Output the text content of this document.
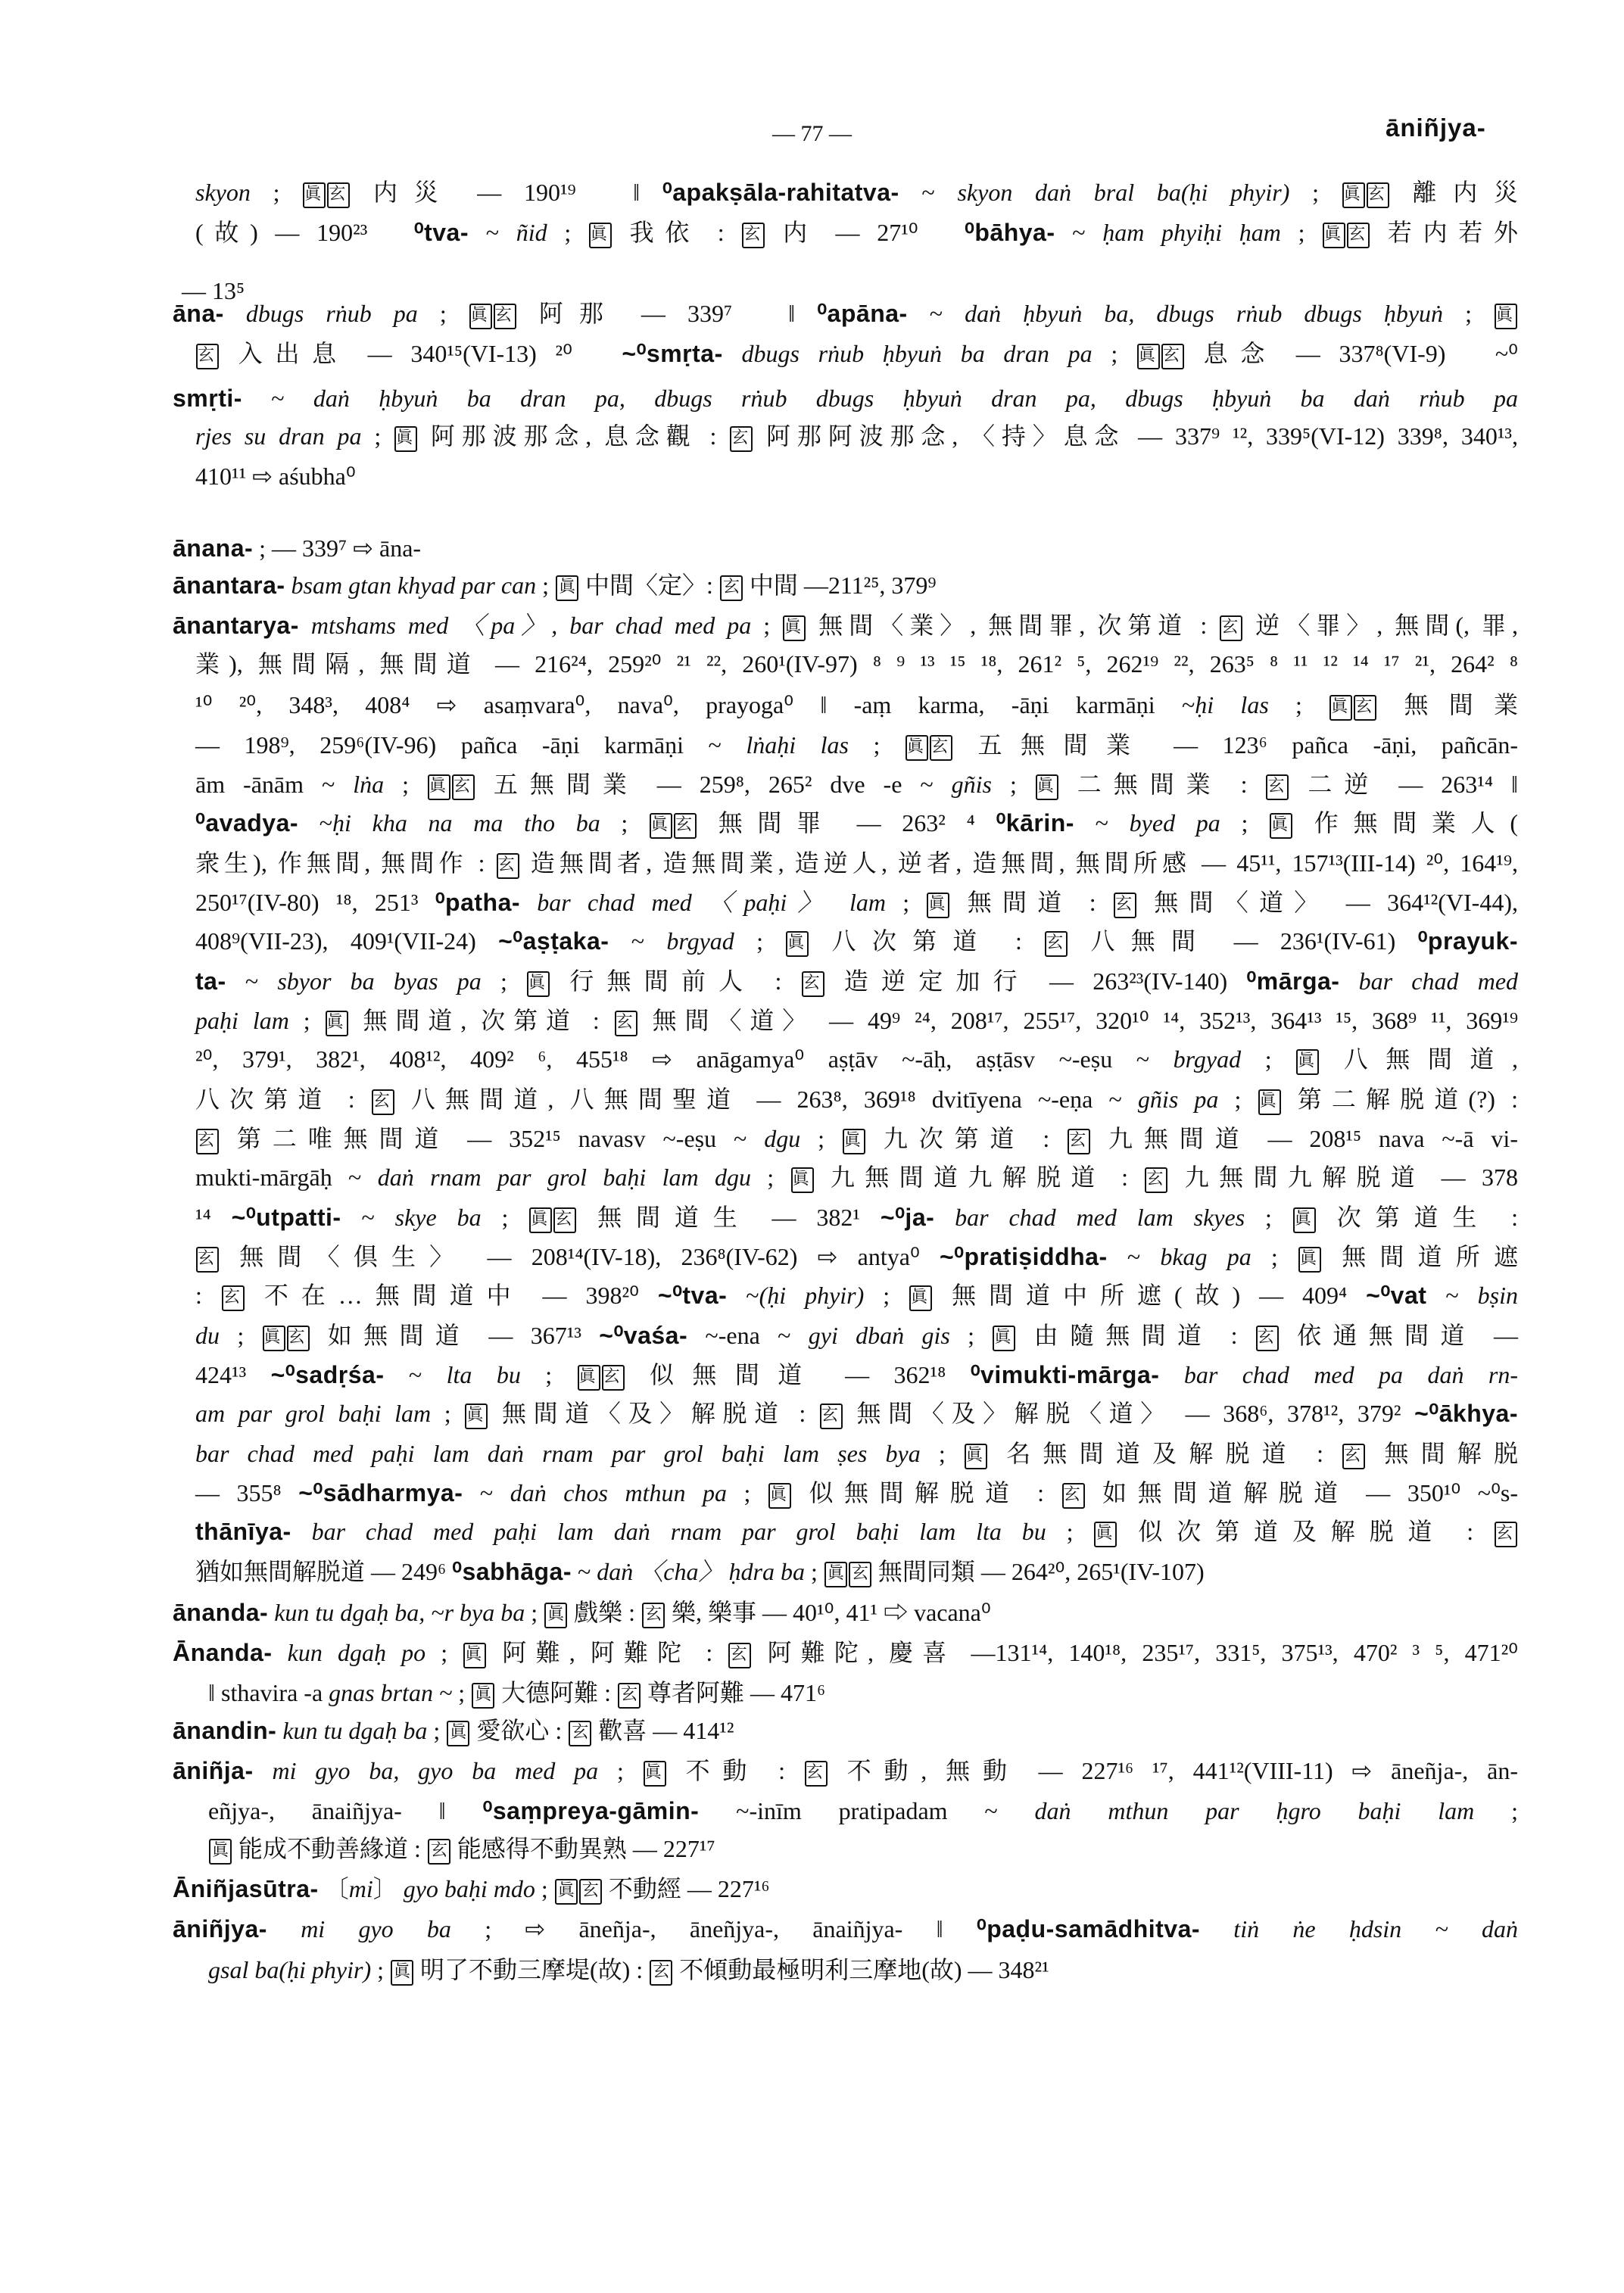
— 77 —	āniñjya-
skyon ; 眞 玄 内災 — 190¹⁹　‖ ⁰apakṣāla-rahitatva- ~ skyon daṅ bral ba(ḥi phyir) ; 眞 玄 離内災
(故) — 190²³　⁰tva- ~ ñid ; 眞 我依 : 玄 内 — 27¹⁰　⁰bāhya- ~ ḥam phyiḥi ḥam ; 眞 玄 若内若外
— 13⁵
āna- dbugs rṅub pa ; 眞 玄 阿那 — 339⁷　‖ ⁰apāna- ~ daṅ ḥbyuṅ ba, dbugs rṅub dbugs ḥbyuṅ ; 眞
玄 入出息 — 340¹⁵(VI-13) ²⁰　~⁰smṛta- dbugs rṅub ḥbyuṅ ba dran pa ; 眞 玄 息念 — 337⁸(VI-9)　~⁰
smṛti- ~ daṅ ḥbyuṅ ba dran pa, dbugs rṅub dbugs ḥbyuṅ dran pa, dbugs ḥbyuṅ ba daṅ rṅub pa
rjes su dran pa ; 眞 阿那波那念, 息念觀 : 玄 阿那阿波那念, 〈持〉息念 — 337⁹ ¹², 339⁵(VI-12) 339⁸, 340¹³,
410¹¹ ⇨ aśubha⁰
ānana- ; — 339⁷ ⇨ āna-
ānantara- bsam gtan khyad par can ; 眞 中間〈定〉: 玄 中間 —211²⁵, 379⁹
ānantarya- mtshams med 〈pa〉, bar chad med pa ; 眞 無間〈業〉, 無間罪, 次第道 : 玄 逆〈罪〉, 無間(, 罪,
業), 無間隔, 無間道 — 216²⁴, 259²⁰ ²¹ ²², 260¹(IV-97) ⁸ ⁹ ¹³ ¹⁵ ¹⁸, 261² ⁵, 262¹⁹ ²², 263⁵ ⁸ ¹¹ ¹² ¹⁴ ¹⁷ ²¹, 264² ⁸
¹⁰ ²⁰, 348³, 408⁴ ⇨ asaṃvara⁰, nava⁰, prayoga⁰ ‖ -aṃ karma, -āṇi karmāṇi ~ḥi las ; 眞 玄 無間業
— 198⁹, 259⁶(IV-96) pañca -āṇi karmāṇi ~ lṅaḥi las ; 眞 玄 五無間業 — 123⁶ pañca -āṇi, pañcān-
ām -ānām ~ lṅa ; 眞 玄 五無間業 — 259⁸, 265² dve -e ~ gñis ; 眞 二無間業 : 玄 二逆 — 263¹⁴ ‖
⁰avadya- ~ḥi kha na ma tho ba ; 眞 玄 無間罪 — 263² ⁴ ⁰kārin- ~ byed pa ; 眞 作無間業人(
衆生), 作無間, 無間作 : 玄 造無間者, 造無間業, 造逆人, 逆者, 造無間, 無間所感 — 45¹¹, 157¹³(III-14) ²⁰, 164¹⁹,
250¹⁷(IV-80) ¹⁸, 251³ ⁰patha- bar chad med 〈paḥi〉 lam ; 眞 無間道 : 玄 無間〈道〉 — 364¹²(VI-44),
408⁹(VII-23), 409¹(VII-24) ~⁰aṣṭaka- ~ brgyad ; 眞 八次第道 : 玄 八無間 — 236¹(IV-61) ⁰prayuk-
ta- ~ sbyor ba byas pa ; 眞 行無間前人 : 玄 造逆定加行 — 263²³(IV-140) ⁰mārga- bar chad med
paḥi lam ; 眞 無間道, 次第道 : 玄 無間〈道〉 — 49⁹ ²⁴, 208¹⁷, 255¹⁷, 320¹⁰ ¹⁴, 352¹³, 364¹³ ¹⁵, 368⁹ ¹¹, 369¹⁹
²⁰, 379¹, 382¹, 408¹², 409² ⁶, 455¹⁸ ⇨ anāgamya⁰ aṣṭāv ~-āḥ, aṣṭāsv ~-eṣu ~ brgyad ; 眞 八無間道,
八次第道 : 玄 八無間道, 八無間聖道 — 263⁸, 369¹⁸ dvitīyena ~-eṇa ~ gñis pa ; 眞 第二解脱道(?) :
玄 第二唯無間道 — 352¹⁵ navasv ~-eṣu ~ dgu ; 眞 九次第道 : 玄 九無間道 — 208¹⁵ nava ~-ā vi-
mukti-mārgāḥ ~ daṅ rnam par grol baḥi lam dgu ; 眞 九無間道九解脱道 : 玄 九無間九解脱道 — 378
¹⁴ ~⁰utpatti- ~ skye ba ; 眞 玄 無間道生 — 382¹ ~⁰ja- bar chad med lam skyes ; 眞 次第道生 :
玄 無間〈倶生〉 — 208¹⁴(IV-18), 236⁸(IV-62) ⇨ antya⁰ ~⁰pratiṣiddha- ~ bkag pa ; 眞 無間道所遮
: 玄 不在…無間道中 — 398²⁰ ~⁰tva- ~(ḥi phyir) ; 眞 無間道中所遮(故) — 409⁴ ~⁰vat ~ bṣin
du ; 眞 玄 如無間道 — 367¹³ ~⁰vaśa- ~-ena ~ gyi dbaṅ gis ; 眞 由隨無間道 : 玄 依通無間道 —
424¹³ ~⁰sadṛśa- ~ lta bu ; 眞 玄 似無間道 — 362¹⁸ ⁰vimukti-mārga- bar chad med pa daṅ rn-
am par grol baḥi lam ; 眞 無間道〈及〉解脱道 : 玄 無間〈及〉解脱〈道〉 — 368⁶, 378¹², 379² ~⁰ākhya-
bar chad med paḥi lam daṅ rnam par grol baḥi lam ṣes bya ; 眞 名無間道及解脱道 : 玄 無間解脱
— 355⁸ ~⁰sādharmya- ~ daṅ chos mthun pa ; 眞 似無間解脱道 : 玄 如無間道解脱道 — 350¹⁰ ~⁰s-
thānīya- bar chad med paḥi lam daṅ rnam par grol baḥi lam lta bu ; 眞 似次第道及解脱道 : 玄
猶如無間解脱道 — 249⁶ ⁰sabhāga- ~ daṅ 〈cha〉 ḥdra ba ; 眞 玄 無間同類 — 264²⁰, 265¹(IV-107)
ānanda- kun tu dgaḥ ba, ~r bya ba ; 眞 戲樂 : 玄 樂, 樂事 — 40¹⁰, 41¹ ⇨ vacana⁰
Ānanda- kun dgaḥ po ; 眞 阿難, 阿難陀 : 玄 阿難陀, 慶喜 —131¹⁴, 140¹⁸, 235¹⁷, 331⁵, 375¹³, 470² ³ ⁵, 471²⁰
‖ sthavira -a gnas brtan ~ ; 眞 大德阿難 : 玄 尊者阿難 — 471⁶
ānandin- kun tu dgaḥ ba ; 眞 愛欲心 : 玄 歡喜 — 414¹²
āniñja- mi gyo ba, gyo ba med pa ; 眞 不動 : 玄 不動, 無動 — 227¹⁶ ¹⁷, 441¹²(VIII-11) ⇨ āneñja-, ān-
eñjya-, ānaiñjya- ‖ ⁰saṃpreya-gāmin- ~-inīm pratipadam ~ daṅ mthun par ḥgro baḥi lam ;
眞 能成不動善緣道 : 玄 能感得不動異熟 — 227¹⁷
Āniñjasūtra- 〔mi〕 gyo baḥi mdo ; 眞 玄 不動經 — 227¹⁶
āniñjya- mi gyo ba ; ⇨ āneñja-, āneñjya-, ānaiñjya- ‖ ⁰paḍu-samādhitva- tiṅ ṅe ḥdsin ~ daṅ
gsal ba(ḥi phyir) ; 眞 明了不動三摩堤(故) : 玄 不傾動最極明利三摩地(故) — 348²¹
